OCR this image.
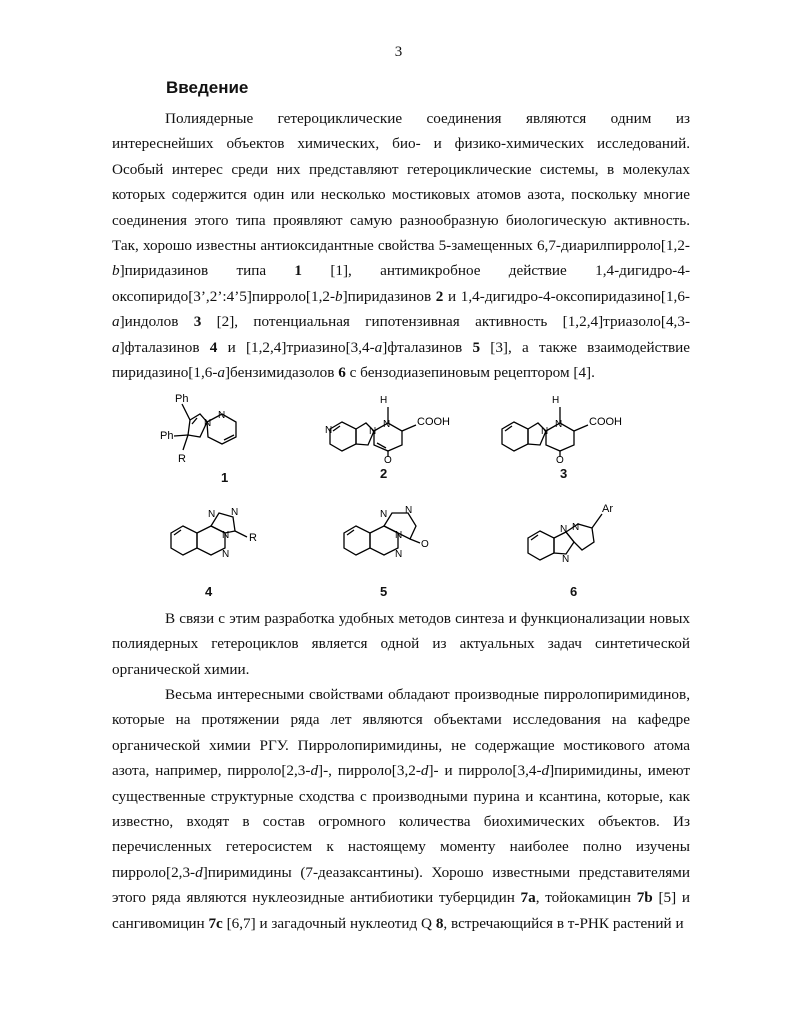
3
Введение

Полиядерные гетероциклические соединения являются одним из интереснейших объектов химических, био- и физико-химических исследований. Особый интерес среди них представляют гетероциклические системы, в молекулах которых содержится один или несколько мостиковых атомов азота, поскольку многие соединения этого типа проявляют самую разнообразную биологическую активность. Так, хорошо известны антиоксидантные свойства 5-замещенных 6,7-диарилпирроло[1,2-b]пиридазинов типа 1 [1], антимикробное действие 1,4-дигидро-4-оксопиридо[3’,2’:4’5]пирроло[1,2-b]пиридазинов 2 и 1,4-дигидро-4-оксопиридазино[1,6-a]индолов 3 [2], потенциальная гипотензивная активность [1,2,4]триазоло[4,3-a]фталазинов 4 и [1,2,4]триазино[3,4-a]фталазинов 5 [3], а также взаимодействие пиридазино[1,6-a]бензимидазолов 6 с бензодиазепиновым рецептором [4].

Ph
Ph
R
N
N
1
N	N
H
N COOH
O
2
N
H
N COOH
O
3
N N
N
N
R
4
N N
N
N
O
5
Ar
N N
N
6

В связи с этим разработка удобных методов синтеза и функционализации новых полиядерных гетероциклов является одной из актуальных задач синтетической органической химии.

Весьма интересными свойствами обладают производные пирролопиримидинов, которые на протяжении ряда лет являются объектами исследования на кафедре органической химии РГУ. Пирролопиримидины, не содержащие мостикового атома азота, например, пирроло[2,3-d]-, пирроло[3,2-d]- и пирроло[3,4-d]пиримидины, имеют существенные структурные сходства с производными пурина и ксантина, которые, как известно, входят в состав огромного количества биохимических объектов. Из перечисленных гетеросистем к настоящему моменту наиболее полно изучены пирроло[2,3-d]пиримидины (7-деазаксантины). Хорошо известными представителями этого ряда являются нуклеозидные антибиотики туберцидин 7a, тойокамицин 7b [5] и сангивомицин 7c [6,7] и загадочный нуклеотид Q 8, встречающийся в т-РНК растений и
